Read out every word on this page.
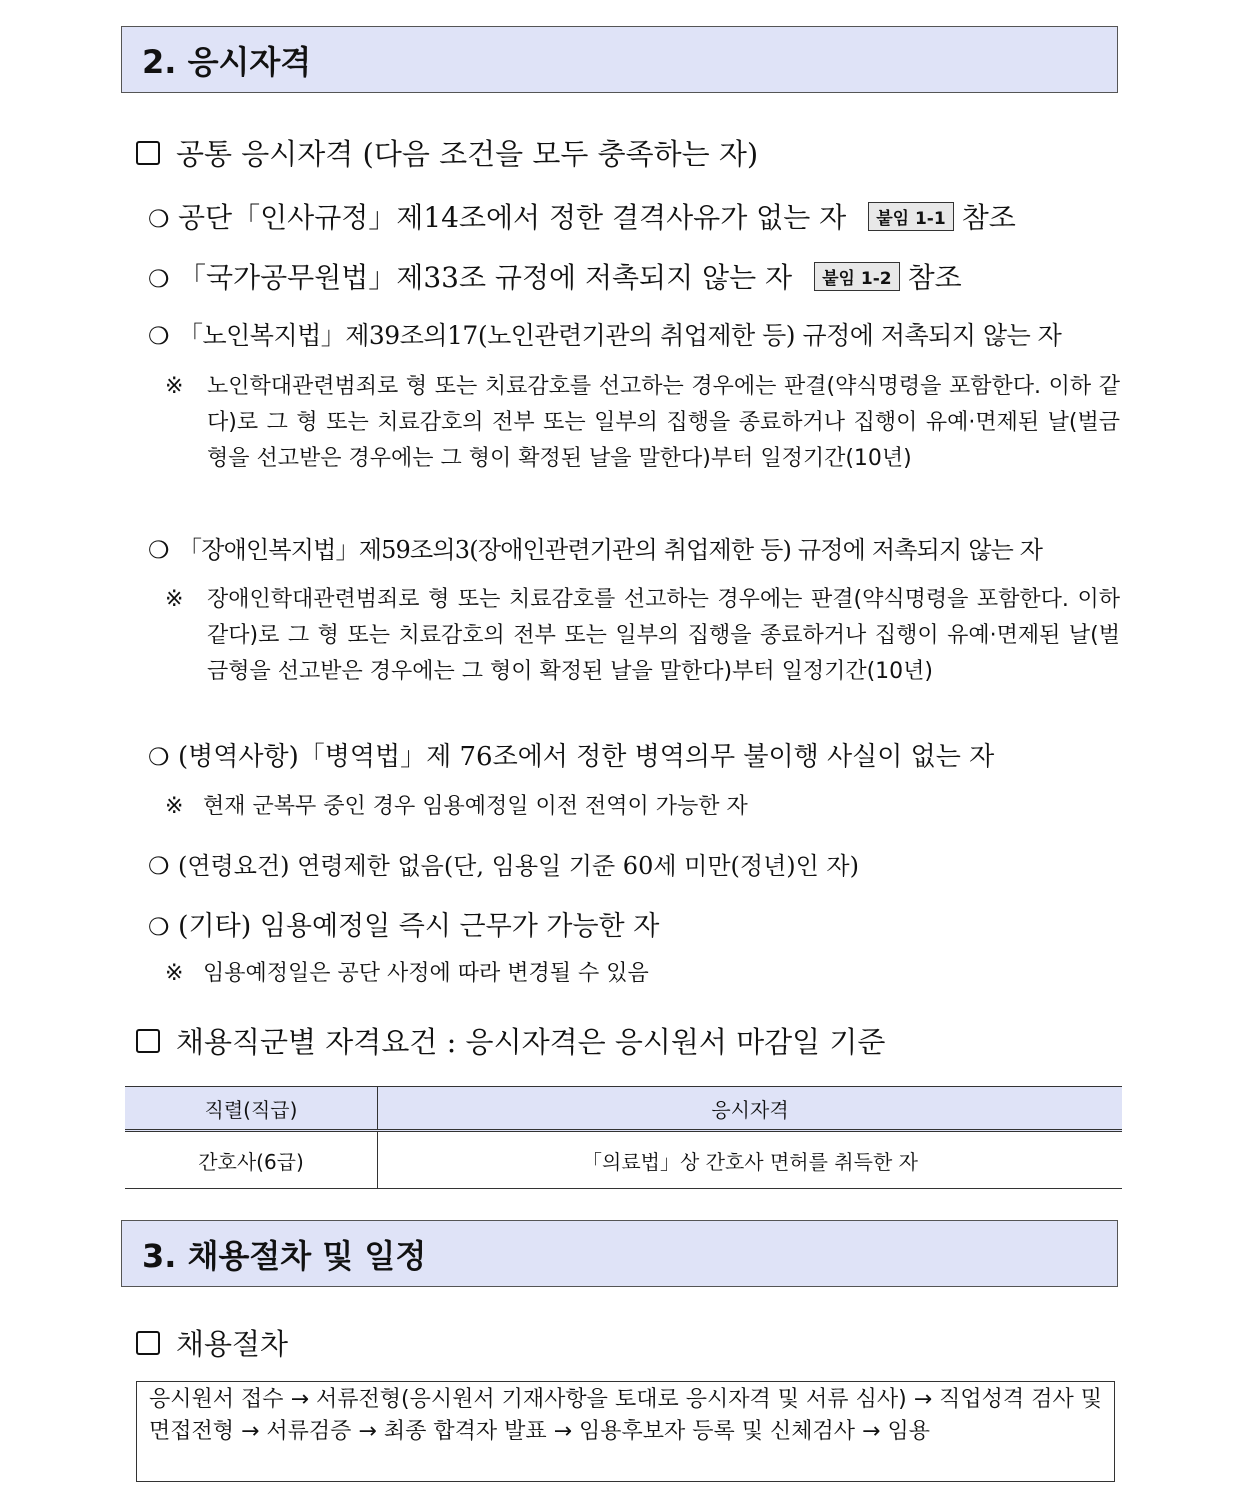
2. 응시자격
공통 응시자격 (다음 조건을 모두 충족하는 자)
❍ 공단「인사규정」제14조에서 정한 결격사유가 없는 자 붙임 1-1 참조
❍ 「국가공무원법」제33조 규정에 저촉되지 않는 자 붙임 1-2 참조
❍ 「노인복지법」제39조의17(노인관련기관의 취업제한 등) 규정에 저촉되지 않는 자
※ 노인학대관련범죄로 형 또는 치료감호를 선고하는 경우에는 판결(약식명령을 포함한다. 이하 같다)로 그 형 또는 치료감호의 전부 또는 일부의 집행을 종료하거나 집행이 유예·면제된 날(벌금형을 선고받은 경우에는 그 형이 확정된 날을 말한다)부터 일정기간(10년)
❍ 「장애인복지법」제59조의3(장애인관련기관의 취업제한 등) 규정에 저촉되지 않는 자
※ 장애인학대관련범죄로 형 또는 치료감호를 선고하는 경우에는 판결(약식명령을 포함한다. 이하 같다)로 그 형 또는 치료감호의 전부 또는 일부의 집행을 종료하거나 집행이 유예·면제된 날(벌금형을 선고받은 경우에는 그 형이 확정된 날을 말한다)부터 일정기간(10년)
❍ (병역사항)「병역법」제 76조에서 정한 병역의무 불이행 사실이 없는 자
※ 현재 군복무 중인 경우 임용예정일 이전 전역이 가능한 자
❍ (연령요건) 연령제한 없음(단, 임용일 기준 60세 미만(정년)인 자)
❍ (기타) 임용예정일 즉시 근무가 가능한 자
※ 임용예정일은 공단 사정에 따라 변경될 수 있음
채용직군별 자격요건 : 응시자격은 응시원서 마감일 기준
직렬(직급)	응시자격
간호사(6급)	「의료법」상 간호사 면허를 취득한 자
3. 채용절차 및 일정
채용절차
응시원서 접수 → 서류전형(응시원서 기재사항을 토대로 응시자격 및 서류 심사) → 직업성격 검사 및 면접전형 → 서류검증 → 최종 합격자 발표 → 임용후보자 등록 및 신체검사 → 임용
